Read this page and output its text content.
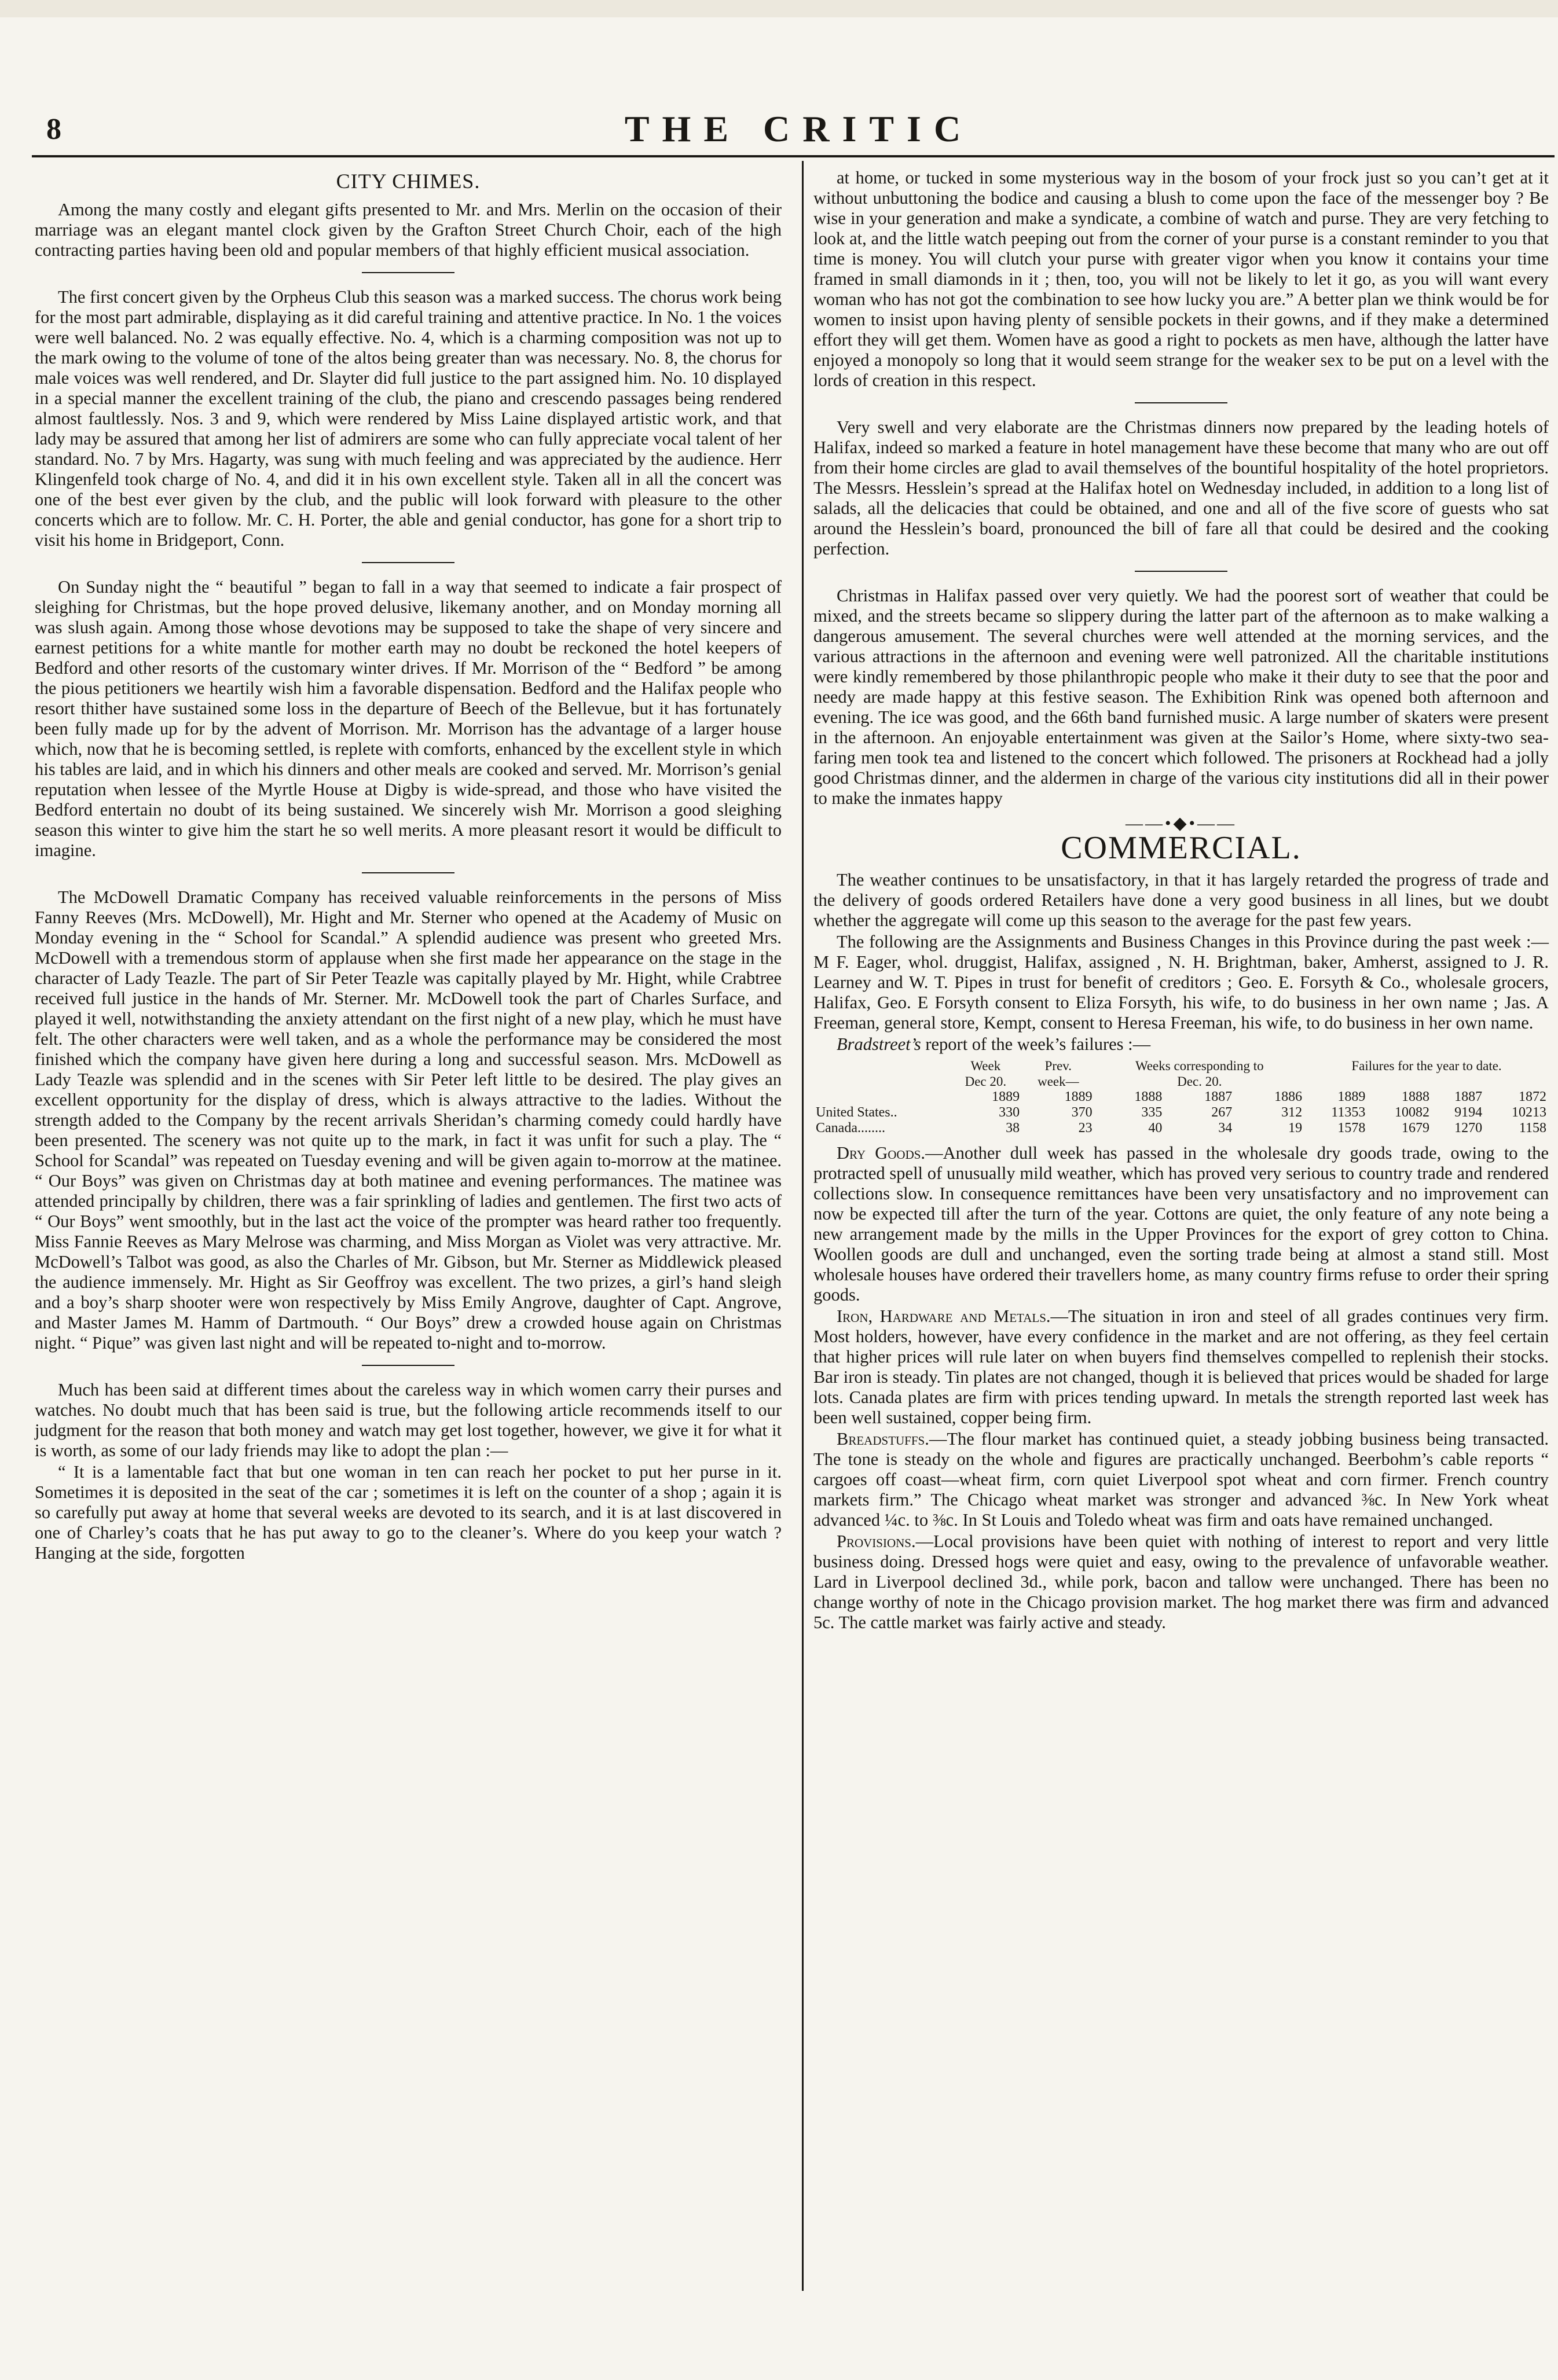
8	THE CRITIC
CITY CHIMES.

Among the many costly and elegant gifts presented to Mr. and Mrs. Merlin on the occasion of their marriage was an elegant mantel clock given by the Grafton Street Church Choir, each of the high contracting parties having been old and popular members of that highly efficient musical association.

The first concert given by the Orpheus Club this season was a marked success. The chorus work being for the most part admirable, displaying as it did careful training and attentive practice. In No. 1 the voices were well balanced. No. 2 was equally effective. No. 4, which is a charming composition was not up to the mark owing to the volume of tone of the altos being greater than was necessary. No. 8, the chorus for male voices was well rendered, and Dr. Slayter did full justice to the part assigned him. No. 10 displayed in a special manner the excellent training of the club, the piano and crescendo passages being rendered almost faultlessly. Nos. 3 and 9, which were rendered by Miss Laine displayed artistic work, and that lady may be assured that among her list of admirers are some who can fully appreciate vocal talent of her standard. No. 7 by Mrs. Hagarty, was sung with much feeling and was appreciated by the audience. Herr Klingenfeld took charge of No. 4, and did it in his own excellent style. Taken all in all the concert was one of the best ever given by the club, and the public will look forward with pleasure to the other concerts which are to follow. Mr. C. H. Porter, the able and genial conductor, has gone for a short trip to visit his home in Bridgeport, Conn.

On Sunday night the “ beautiful ” began to fall in a way that seemed to indicate a fair prospect of sleighing for Christmas, but the hope proved delusive, likemany another, and on Monday morning all was slush again. Among those whose devotions may be supposed to take the shape of very sincere and earnest petitions for a white mantle for mother earth may no doubt be reckoned the hotel keepers of Bedford and other resorts of the customary winter drives. If Mr. Morrison of the “ Bedford ” be among the pious petitioners we heartily wish him a favorable dispensation. Bedford and the Halifax people who resort thither have sustained some loss in the departure of Beech of the Bellevue, but it has fortunately been fully made up for by the advent of Morrison. Mr. Morrison has the advantage of a larger house which, now that he is becoming settled, is replete with comforts, enhanced by the excellent style in which his tables are laid, and in which his dinners and other meals are cooked and served. Mr. Morrison’s genial reputation when lessee of the Myrtle House at Digby is wide-spread, and those who have visited the Bedford entertain no doubt of its being sustained. We sincerely wish Mr. Morrison a good sleighing season this winter to give him the start he so well merits. A more pleasant resort it would be difficult to imagine.

The McDowell Dramatic Company has received valuable reinforcements in the persons of Miss Fanny Reeves (Mrs. McDowell), Mr. Hight and Mr. Sterner who opened at the Academy of Music on Monday evening in the “ School for Scandal.” A splendid audience was present who greeted Mrs. McDowell with a tremendous storm of applause when she first made her appearance on the stage in the character of Lady Teazle. The part of Sir Peter Teazle was capitally played by Mr. Hight, while Crabtree received full justice in the hands of Mr. Sterner. Mr. McDowell took the part of Charles Surface, and played it well, notwithstanding the anxiety attendant on the first night of a new play, which he must have felt. The other characters were well taken, and as a whole the performance may be considered the most finished which the company have given here during a long and successful season. Mrs. McDowell as Lady Teazle was splendid and in the scenes with Sir Peter left little to be desired. The play gives an excellent opportunity for the display of dress, which is always attractive to the ladies. Without the strength added to the Company by the recent arrivals Sheridan’s charming comedy could hardly have been presented. The scenery was not quite up to the mark, in fact it was unfit for such a play. The “ School for Scandal” was repeated on Tuesday evening and will be given again to-morrow at the matinee. “ Our Boys” was given on Christmas day at both matinee and evening performances. The matinee was attended principally by children, there was a fair sprinkling of ladies and gentlemen. The first two acts of “ Our Boys” went smoothly, but in the last act the voice of the prompter was heard rather too frequently. Miss Fannie Reeves as Mary Melrose was charming, and Miss Morgan as Violet was very attractive. Mr. McDowell’s Talbot was good, as also the Charles of Mr. Gibson, but Mr. Sterner as Middlewick pleased the audience immensely. Mr. Hight as Sir Geoffroy was excellent. The two prizes, a girl’s hand sleigh and a boy’s sharp shooter were won respectively by Miss Emily Angrove, daughter of Capt. Angrove, and Master James M. Hamm of Dartmouth. “ Our Boys” drew a crowded house again on Christmas night. “ Pique” was given last night and will be repeated to-night and to-morrow.

Much has been said at different times about the careless way in which women carry their purses and watches. No doubt much that has been said is true, but the following article recommends itself to our judgment for the reason that both money and watch may get lost together, however, we give it for what it is worth, as some of our lady friends may like to adopt the plan :—

“ It is a lamentable fact that but one woman in ten can reach her pocket to put her purse in it. Sometimes it is deposited in the seat of the car ; sometimes it is left on the counter of a shop ; again it is so carefully put away at home that several weeks are devoted to its search, and it is at last discovered in one of Charley’s coats that he has put away to go to the cleaner’s. Where do you keep your watch ? Hanging at the side, forgotten

at home, or tucked in some mysterious way in the bosom of your frock just so you can’t get at it without unbuttoning the bodice and causing a blush to come upon the face of the messenger boy ? Be wise in your generation and make a syndicate, a combine of watch and purse. They are very fetching to look at, and the little watch peeping out from the corner of your purse is a constant reminder to you that time is money. You will clutch your purse with greater vigor when you know it contains your time framed in small diamonds in it ; then, too, you will not be likely to let it go, as you will want every woman who has not got the combination to see how lucky you are.” A better plan we think would be for women to insist upon having plenty of sensible pockets in their gowns, and if they make a determined effort they will get them. Women have as good a right to pockets as men have, although the latter have enjoyed a monopoly so long that it would seem strange for the weaker sex to be put on a level with the lords of creation in this respect.

Very swell and very elaborate are the Christmas dinners now prepared by the leading hotels of Halifax, indeed so marked a feature in hotel management have these become that many who are out off from their home circles are glad to avail themselves of the bountiful hospitality of the hotel proprietors. The Messrs. Hesslein’s spread at the Halifax hotel on Wednesday included, in addition to a long list of salads, all the delicacies that could be obtained, and one and all of the five score of guests who sat around the Hesslein’s board, pronounced the bill of fare all that could be desired and the cooking perfection.

Christmas in Halifax passed over very quietly. We had the poorest sort of weather that could be mixed, and the streets became so slippery during the latter part of the afternoon as to make walking a dangerous amusement. The several churches were well attended at the morning services, and the various attractions in the afternoon and evening were well patronized. All the charitable institutions were kindly remembered by those philanthropic people who make it their duty to see that the poor and needy are made happy at this festive season. The Exhibition Rink was opened both afternoon and evening. The ice was good, and the 66th band furnished music. A large number of skaters were present in the afternoon. An enjoyable entertainment was given at the Sailor’s Home, where sixty-two sea-faring men took tea and listened to the concert which followed. The prisoners at Rockhead had a jolly good Christmas dinner, and the aldermen in charge of the various city institutions did all in their power to make the inmates happy

——•◆•——
COMMERCIAL.

The weather continues to be unsatisfactory, in that it has largely retarded the progress of trade and the delivery of goods ordered Retailers have done a very good business in all lines, but we doubt whether the aggregate will come up this season to the average for the past few years.

The following are the Assignments and Business Changes in this Province during the past week :—M F. Eager, whol. druggist, Halifax, assigned , N. H. Brightman, baker, Amherst, assigned to J. R. Learney and W. T. Pipes in trust for benefit of creditors ; Geo. E. Forsyth & Co., wholesale grocers, Halifax, Geo. E Forsyth consent to Eliza Forsyth, his wife, to do business in her own name ; Jas. A Freeman, general store, Kempt, consent to Heresa Freeman, his wife, to do business in her own name.

Bradstreet’s report of the week’s failures :—

	Week	Prev.	Weeks corresponding to			Failures for the year to date.			
	Dec 20.	week—	Dec. 20.						
	1889	1889	1888	1887	1886	1889	1888	1887	1872
United States..	330	370	335	267	312	11353	10082	9194	10213
Canada........	38	23	40	34	19	1578	1679	1270	1158

Dry Goods.—Another dull week has passed in the wholesale dry goods trade, owing to the protracted spell of unusually mild weather, which has proved very serious to country trade and rendered collections slow. In consequence remittances have been very unsatisfactory and no improvement can now be expected till after the turn of the year. Cottons are quiet, the only feature of any note being a new arrangement made by the mills in the Upper Provinces for the export of grey cotton to China. Woollen goods are dull and unchanged, even the sorting trade being at almost a stand still. Most wholesale houses have ordered their travellers home, as many country firms refuse to order their spring goods.

Iron, Hardware and Metals.—The situation in iron and steel of all grades continues very firm. Most holders, however, have every confidence in the market and are not offering, as they feel certain that higher prices will rule later on when buyers find themselves compelled to replenish their stocks. Bar iron is steady. Tin plates are not changed, though it is believed that prices would be shaded for large lots. Canada plates are firm with prices tending upward. In metals the strength reported last week has been well sustained, copper being firm.

Breadstuffs.—The flour market has continued quiet, a steady jobbing business being transacted. The tone is steady on the whole and figures are practically unchanged. Beerbohm’s cable reports “ cargoes off coast—wheat firm, corn quiet Liverpool spot wheat and corn firmer. French country markets firm.” The Chicago wheat market was stronger and advanced ⅜c. In New York wheat advanced ¼c. to ⅜c. In St Louis and Toledo wheat was firm and oats have remained unchanged.

Provisions.—Local provisions have been quiet with nothing of interest to report and very little business doing. Dressed hogs were quiet and easy, owing to the prevalence of unfavorable weather. Lard in Liverpool declined 3d., while pork, bacon and tallow were unchanged. There has been no change worthy of note in the Chicago provision market. The hog market there was firm and advanced 5c. The cattle market was fairly active and steady.
